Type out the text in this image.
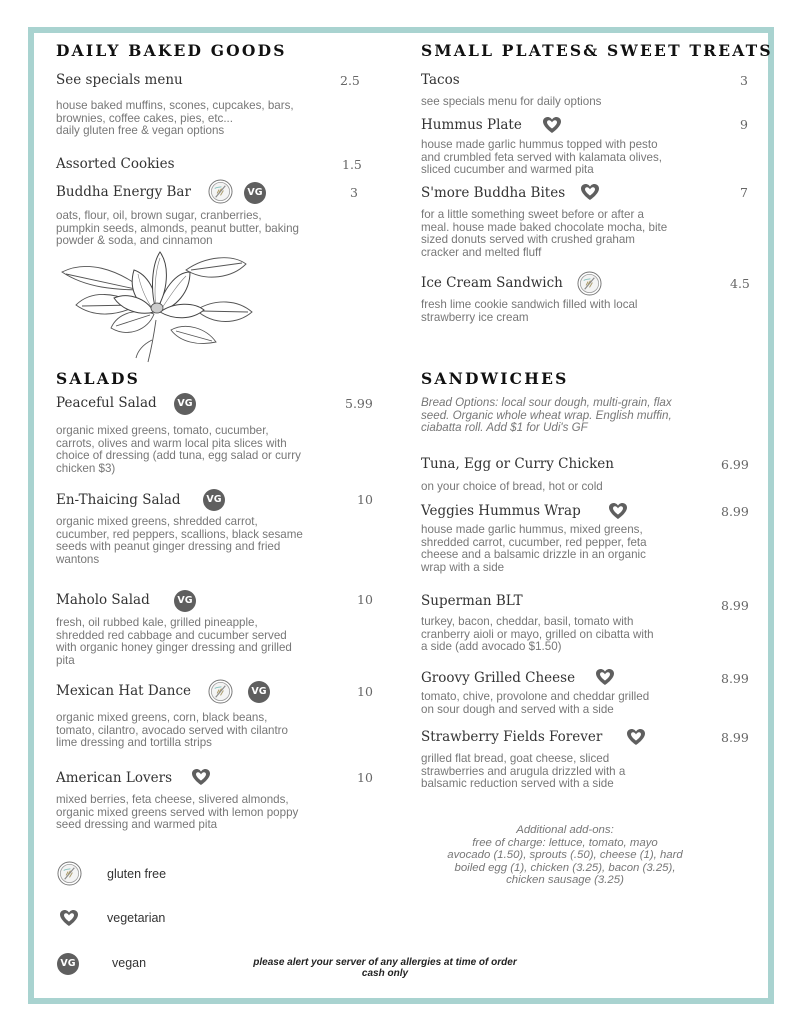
DAILY BAKED GOODS
See specials menu	2.5
house baked muffins, scones, cupcakes, bars,
brownies, coffee cakes, pies, etc...
daily gluten free & vegan options
Assorted Cookies	1.5
Buddha Energy Bar	VG	3
oats, flour, oil, brown sugar, cranberries,
pumpkin seeds, almonds, peanut butter, baking
powder & soda, and cinnamon
SALADS
Peaceful Salad	VG	5.99
organic mixed greens, tomato, cucumber,
carrots, olives and warm local pita slices with
choice of dressing (add tuna, egg salad or curry
chicken $3)
En-Thaicing Salad	VG	10
organic mixed greens, shredded carrot,
cucumber, red peppers, scallions, black sesame
seeds with peanut ginger dressing and fried
wantons
Maholo Salad	VG	10
fresh, oil rubbed kale, grilled pineapple,
shredded red cabbage and cucumber served
with organic honey ginger dressing and grilled
pita
Mexican Hat Dance	VG	10
organic mixed greens, corn, black beans,
tomato, cilantro, avocado served with cilantro
lime dressing and tortilla strips
American Lovers	10
mixed berries, feta cheese, slivered almonds,
organic mixed greens served with lemon poppy
seed dressing and warmed pita
gluten free
vegetarian
VG	vegan
SMALL PLATES& SWEET TREATS
Tacos	3
see specials menu for daily options
Hummus Plate	9
house made garlic hummus topped with pesto
and crumbled feta served with kalamata olives,
sliced cucumber and warmed pita
S'more Buddha Bites	7
for a little something sweet before or after a
meal. house made baked chocolate mocha, bite
sized donuts served with crushed graham
cracker and melted fluff
Ice Cream Sandwich	4.5
fresh lime cookie sandwich filled with local
strawberry ice cream
SANDWICHES
Bread Options: local sour dough, multi-grain, flax
seed. Organic whole wheat wrap. English muffin,
ciabatta roll. Add $1 for Udi's GF
Tuna, Egg or Curry Chicken	6.99
on your choice of bread, hot or cold
Veggies Hummus Wrap	8.99
house made garlic hummus, mixed greens,
shredded carrot, cucumber, red pepper, feta
cheese and a balsamic drizzle in an organic
wrap with a side
Superman BLT	8.99
turkey, bacon, cheddar, basil, tomato with
cranberry aioli or mayo, grilled on cibatta with
a side (add avocado $1.50)
Groovy Grilled Cheese	8.99
tomato, chive, provolone and cheddar grilled
on sour dough and served with a side
Strawberry Fields Forever	8.99
grilled flat bread, goat cheese, sliced
strawberries and arugula drizzled with a
balsamic reduction served with a side
Additional add-ons:
free of charge: lettuce, tomato, mayo
avocado (1.50), sprouts (.50), cheese (1), hard
boiled egg (1), chicken (3.25), bacon (3.25),
chicken sausage (3.25)
please alert your server of any allergies at time of order
cash only
